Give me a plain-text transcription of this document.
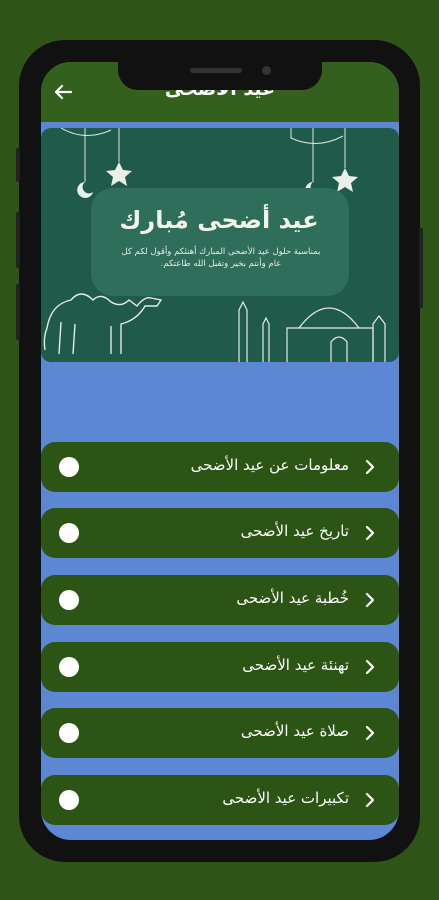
عيد أضحى مُبارك
بمناسبة حلول عيد الأضحى المبارك أهنئكم وأقول لكم كل عام وأنتم بخير وتقبل الله طاعتكم.
معلومات عن عيد الأضحى
تاريخ عيد الأضحى
خُطبة عيد الأضحى
تهنئة عيد الأضحى
صلاة عيد الأضحى
تكبيرات عيد الأضحى
